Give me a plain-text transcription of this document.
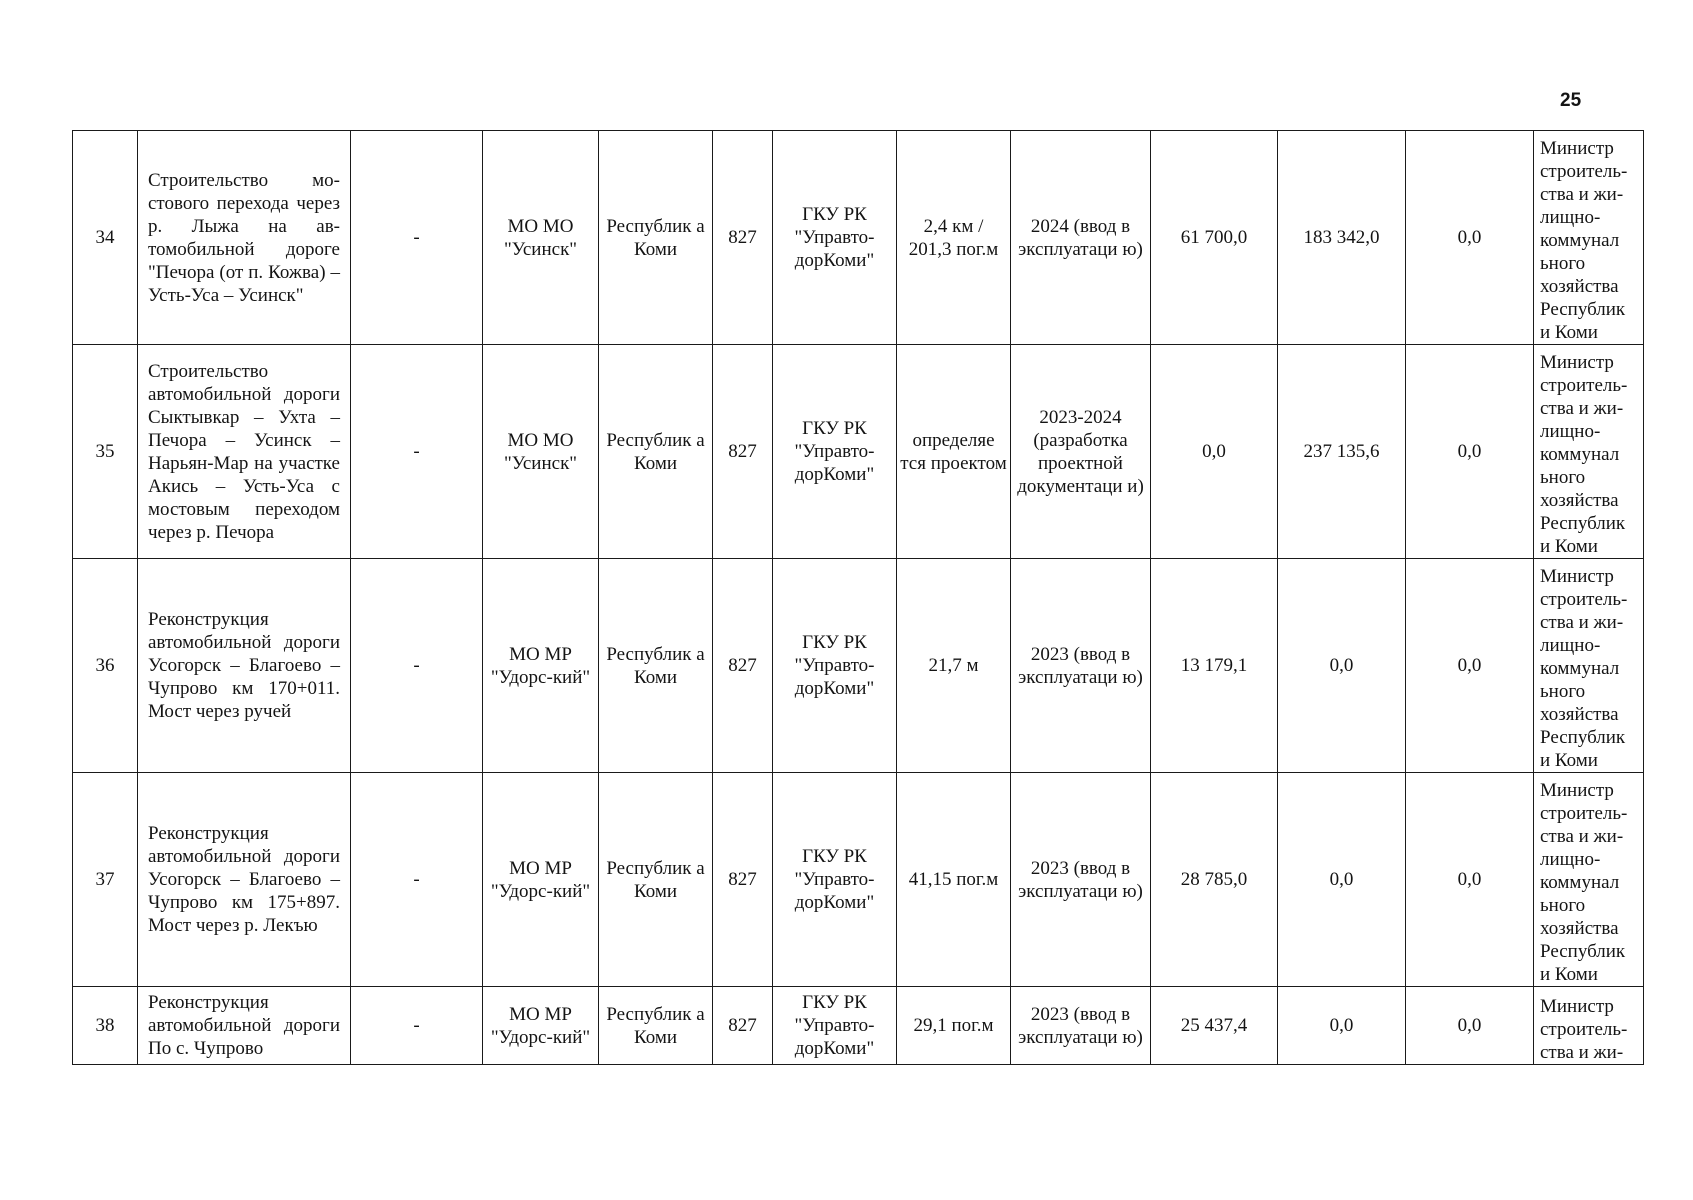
25
34	Строительство мо-стового перехода через р. Лыжа на ав-томобильной дороге "Печора (от п. Кожва) – Усть-Уса – Усинск"	-	МО МО "Усинск"	Республик а Коми	827	ГКУ РК "Управто-дорКоми"	2,4 км / 201,3 пог.м	2024 (ввод в эксплуатаци ю)	61 700,0	183 342,0	0,0	Министр строитель-ства и жи-лищно-коммунал ьного хозяйства Республик и Коми
35	Строительство автомобильной дороги Сыктывкар – Ухта – Печора – Усинск – Нарьян-Мар на участке Акись – Усть-Уса с мостовым переходом через р. Печора	-	МО МО "Усинск"	Республик а Коми	827	ГКУ РК "Управто-дорКоми"	определяе тся проектом	2023-2024 (разработка проектной документаци и)	0,0	237 135,6	0,0	Министр строитель-ства и жи-лищно-коммунал ьного хозяйства Республик и Коми
36	Реконструкция автомобильной дороги Усогорск – Благоево – Чупрово км 170+011. Мост через ручей	-	МО МР "Удорс-кий"	Республик а Коми	827	ГКУ РК "Управто-дорКоми"	21,7 м	2023 (ввод в эксплуатаци ю)	13 179,1	0,0	0,0	Министр строитель-ства и жи-лищно-коммунал ьного хозяйства Республик и Коми
37	Реконструкция автомобильной дороги Усогорск – Благоево – Чупрово км 175+897. Мост через р. Лекъю	-	МО МР "Удорс-кий"	Республик а Коми	827	ГКУ РК "Управто-дорКоми"	41,15 пог.м	2023 (ввод в эксплуатаци ю)	28 785,0	0,0	0,0	Министр строитель-ства и жи-лищно-коммунал ьного хозяйства Республик и Коми
38	Реконструкция автомобильной дороги По с. Чупрово	-	МО МР "Удорс-кий"	Республик а Коми	827	ГКУ РК "Управто-дорКоми"	29,1 пог.м	2023 (ввод в эксплуатаци ю)	25 437,4	0,0	0,0	Министр строитель-ства и жи-
